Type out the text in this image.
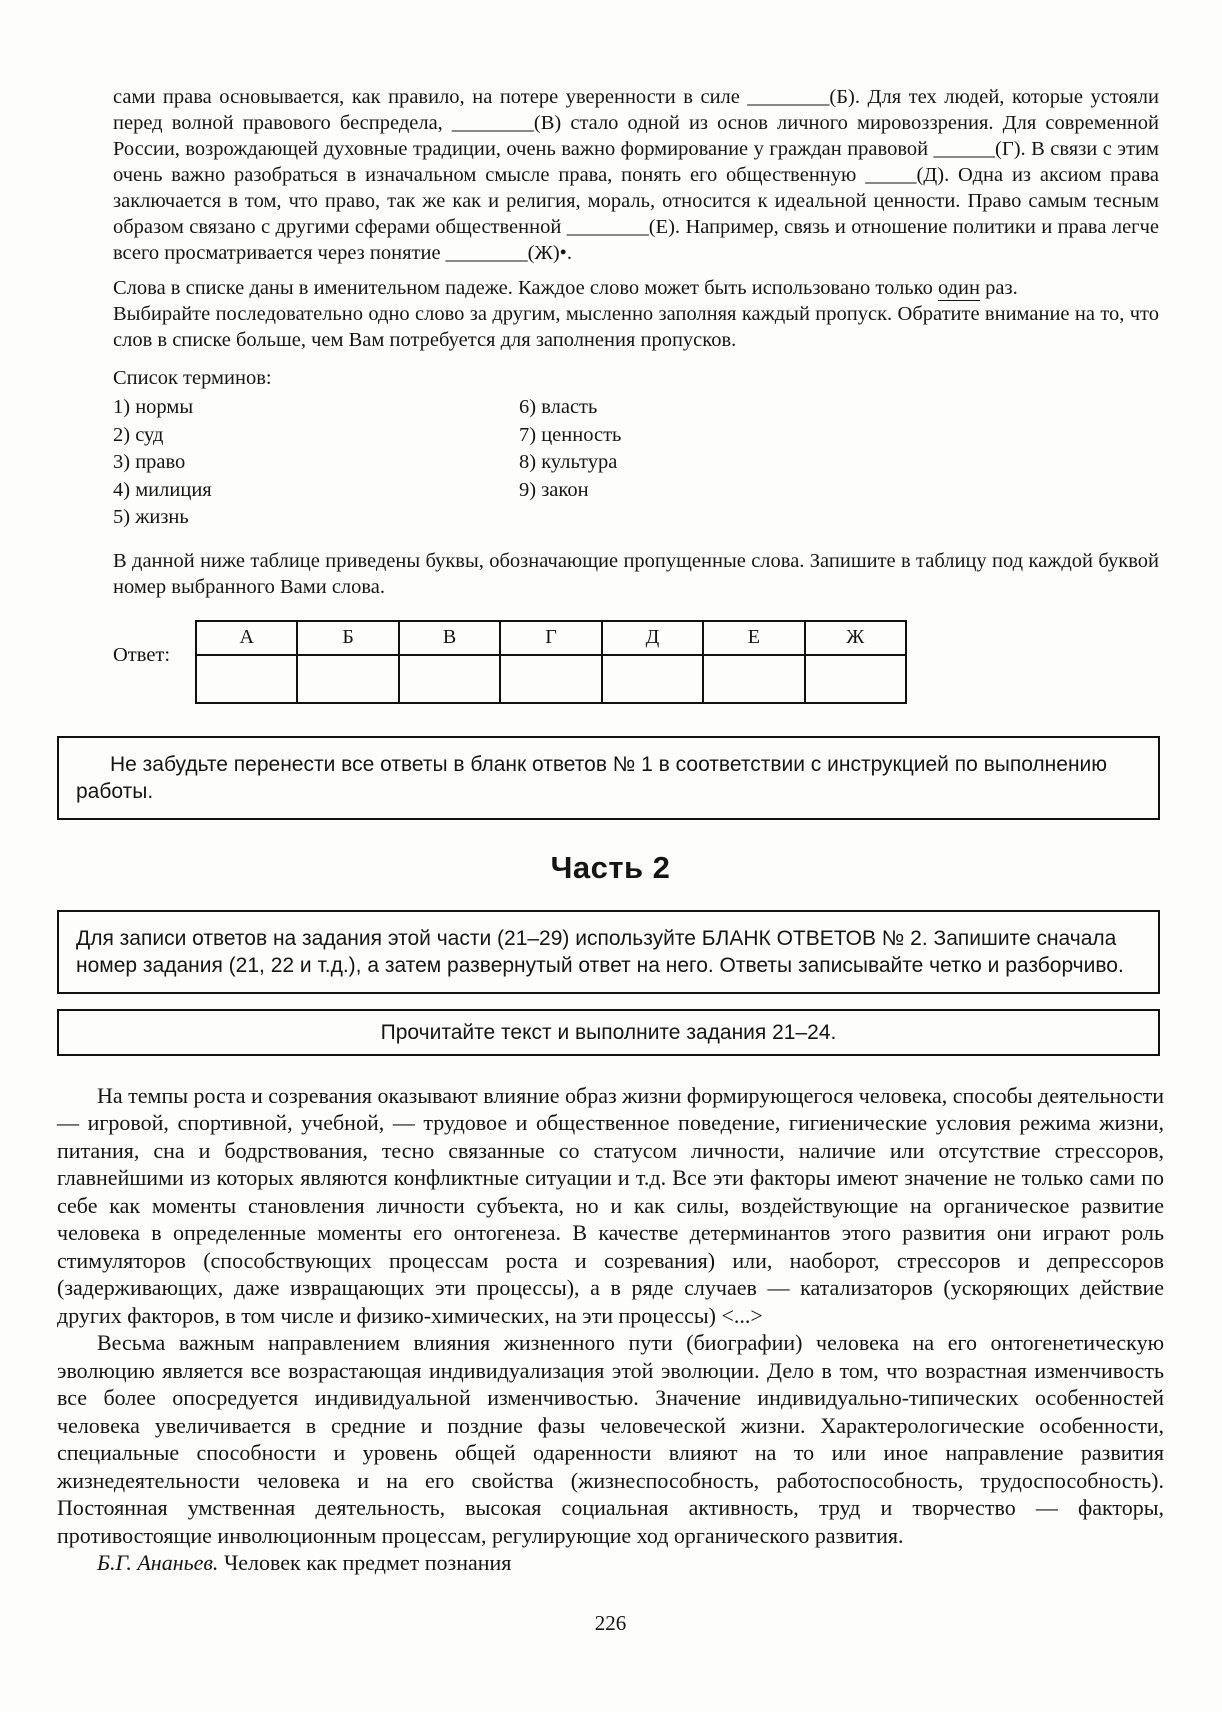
сами права основывается, как правило, на потере уверенности в силе ________(Б). Для тех людей, которые устояли перед волной правового беспредела, ________(В) стало одной из основ личного мировоззрения. Для современной России, возрождающей духовные традиции, очень важно формирование у граждан правовой ______(Г). В связи с этим очень важно разобраться в изначальном смысле права, понять его общественную _____(Д). Одна из аксиом права заключается в том, что право, так же как и религия, мораль, относится к идеальной ценности. Право самым тесным образом связано с другими сферами общественной ________(Е). Например, связь и отношение политики и права легче всего просматривается через понятие ________(Ж)•.

Слова в списке даны в именительном падеже. Каждое слово может быть использовано только один раз.

Выбирайте последовательно одно слово за другим, мысленно заполняя каждый пропуск. Обратите внимание на то, что слов в списке больше, чем Вам потребуется для заполнения пропусков.

Список терминов:

1) нормы
2) суд
3) право
4) милиция
5) жизнь
6) власть
7) ценность
8) культура
9) закон

В данной ниже таблице приведены буквы, обозначающие пропущенные слова. Запишите в таблицу под каждой буквой номер выбранного Вами слова.

Ответ:
А	Б	В	Г	Д	Е	Ж

Не забудьте перенести все ответы в бланк ответов № 1 в соответствии с инструкцией по выполнению работы.

Часть 2

Для записи ответов на задания этой части (21–29) используйте БЛАНК ОТВЕТОВ № 2. Запишите сначала номер задания (21, 22 и т.д.), а затем развернутый ответ на него. Ответы записывайте четко и разборчиво.

Прочитайте текст и выполните задания 21–24.

На темпы роста и созревания оказывают влияние образ жизни формирующегося человека, способы деятельности — игровой, спортивной, учебной, — трудовое и общественное поведение, гигиенические условия режима жизни, питания, сна и бодрствования, тесно связанные со статусом личности, наличие или отсутствие стрессоров, главнейшими из которых являются конфликтные ситуации и т.д. Все эти факторы имеют значение не только сами по себе как моменты становления личности субъекта, но и как силы, воздействующие на органическое развитие человека в определенные моменты его онтогенеза. В качестве детерминантов этого развития они играют роль стимуляторов (способствующих процессам роста и созревания) или, наоборот, стрессоров и депрессоров (задерживающих, даже извращающих эти процессы), а в ряде случаев — катализаторов (ускоряющих действие других факторов, в том числе и физико-химических, на эти процессы) <...>

Весьма важным направлением влияния жизненного пути (биографии) человека на его онтогенетическую эволюцию является все возрастающая индивидуализация этой эволюции. Дело в том, что возрастная изменчивость все более опосредуется индивидуальной изменчивостью. Значение индивидуально-типических особенностей человека увеличивается в средние и поздние фазы человеческой жизни. Характерологические особенности, специальные способности и уровень общей одаренности влияют на то или иное направление развития жизнедеятельности человека и на его свойства (жизнеспособность, работоспособность, трудоспособность). Постоянная умственная деятельность, высокая социальная активность, труд и творчество — факторы, противостоящие инволюционным процессам, регулирующие ход органического развития.

Б.Г. Ананьев. Человек как предмет познания

226
